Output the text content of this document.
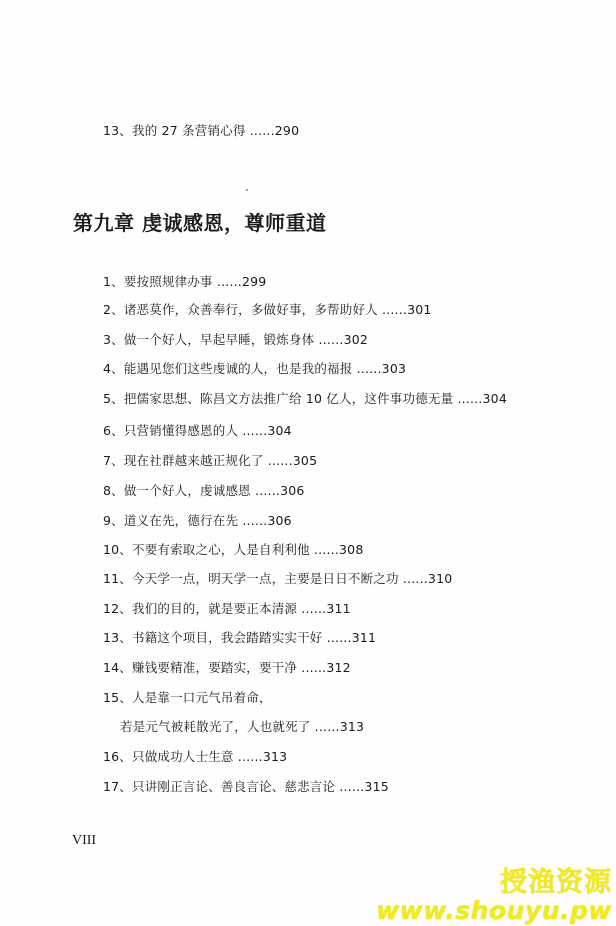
13、我的 27 条营销心得 ......290
第九章 虔诚感恩，尊师重道
1、要按照规律办事 ......299
2、诸恶莫作，众善奉行，多做好事，多帮助好人 ......301
3、做一个好人，早起早睡，锻炼身体 ......302
4、能遇见您们这些虔诚的人，也是我的福报 ......303
5、把儒家思想、陈昌文方法推广给 10 亿人，这件事功德无量 ......304
6、只营销懂得感恩的人 ......304
7、现在社群越来越正规化了 ......305
8、做一个好人，虔诚感恩 ......306
9、道义在先，德行在先 ......306
10、不要有索取之心，人是自利利他 ......308
11、今天学一点，明天学一点，主要是日日不断之功 ......310
12、我们的目的，就是要正本清源 ......311
13、书籍这个项目，我会踏踏实实干好 ......311
14、赚钱要精准，要踏实，要干净 ......312
15、人是靠一口元气吊着命，
若是元气被耗散光了，人也就死了 ......313
16、只做成功人士生意 ......313
17、只讲刚正言论、善良言论、慈悲言论 ......315
VIII
授渔资源
www.shouyu.pw
